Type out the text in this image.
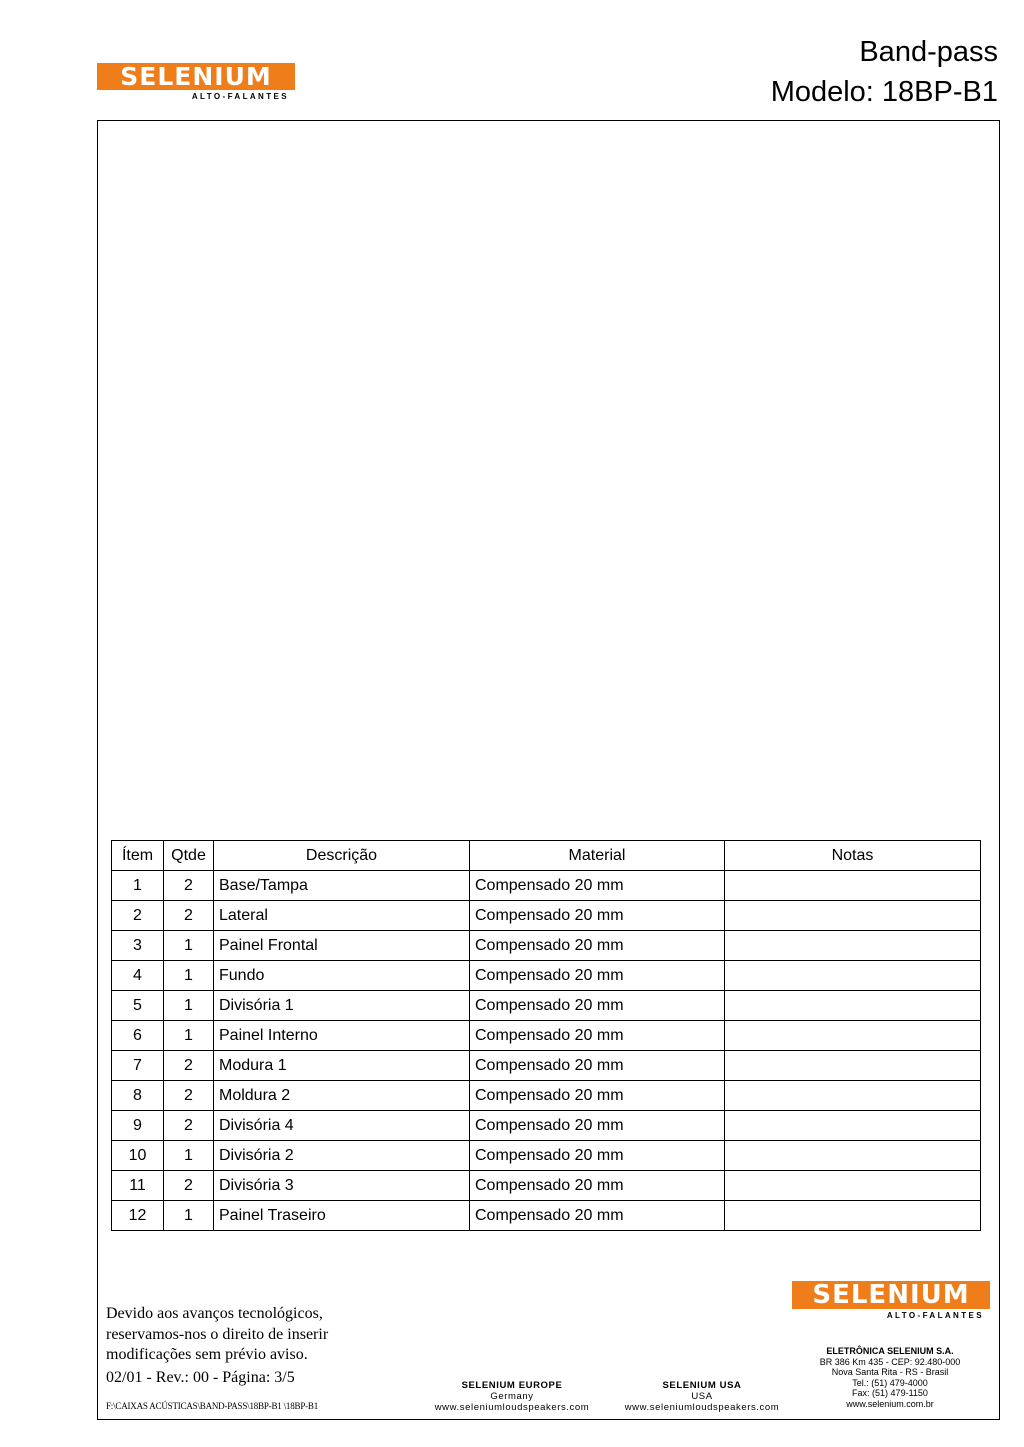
SELENIUM
ALTO-FALANTES
Band-pass
Modelo: 18BP-B1
Ítem	Qtde	Descrição	Material	Notas
1	2	Base/Tampa	Compensado 20 mm	
2	2	Lateral	Compensado 20 mm	
3	1	Painel Frontal	Compensado 20 mm	
4	1	Fundo	Compensado 20 mm	
5	1	Divisória 1	Compensado 20 mm	
6	1	Painel Interno	Compensado 20 mm	
7	2	Modura 1	Compensado 20 mm	
8	2	Moldura 2	Compensado 20 mm	
9	2	Divisória 4	Compensado 20 mm	
10	1	Divisória 2	Compensado 20 mm	
11	2	Divisória 3	Compensado 20 mm	
12	1	Painel Traseiro	Compensado 20 mm	
Devido aos avanços tecnológicos,
reservamos-nos o direito de inserir
modificações sem prévio aviso.
02/01 - Rev.: 00 - Página: 3/5
F:\CAIXAS ACÚSTICAS\BAND-PASS\18BP-B1 \18BP-B1
SELENIUM EUROPE
Germany
www.seleniumloudspeakers.com
SELENIUM USA
USA
www.seleniumloudspeakers.com
SELENIUM
ALTO-FALANTES
ELETRÔNICA SELENIUM S.A.
BR 386 Km 435 - CEP: 92.480-000
Nova Santa Rita - RS - Brasil
Tel.: (51) 479-4000
Fax: (51) 479-1150
www.selenium.com.br
